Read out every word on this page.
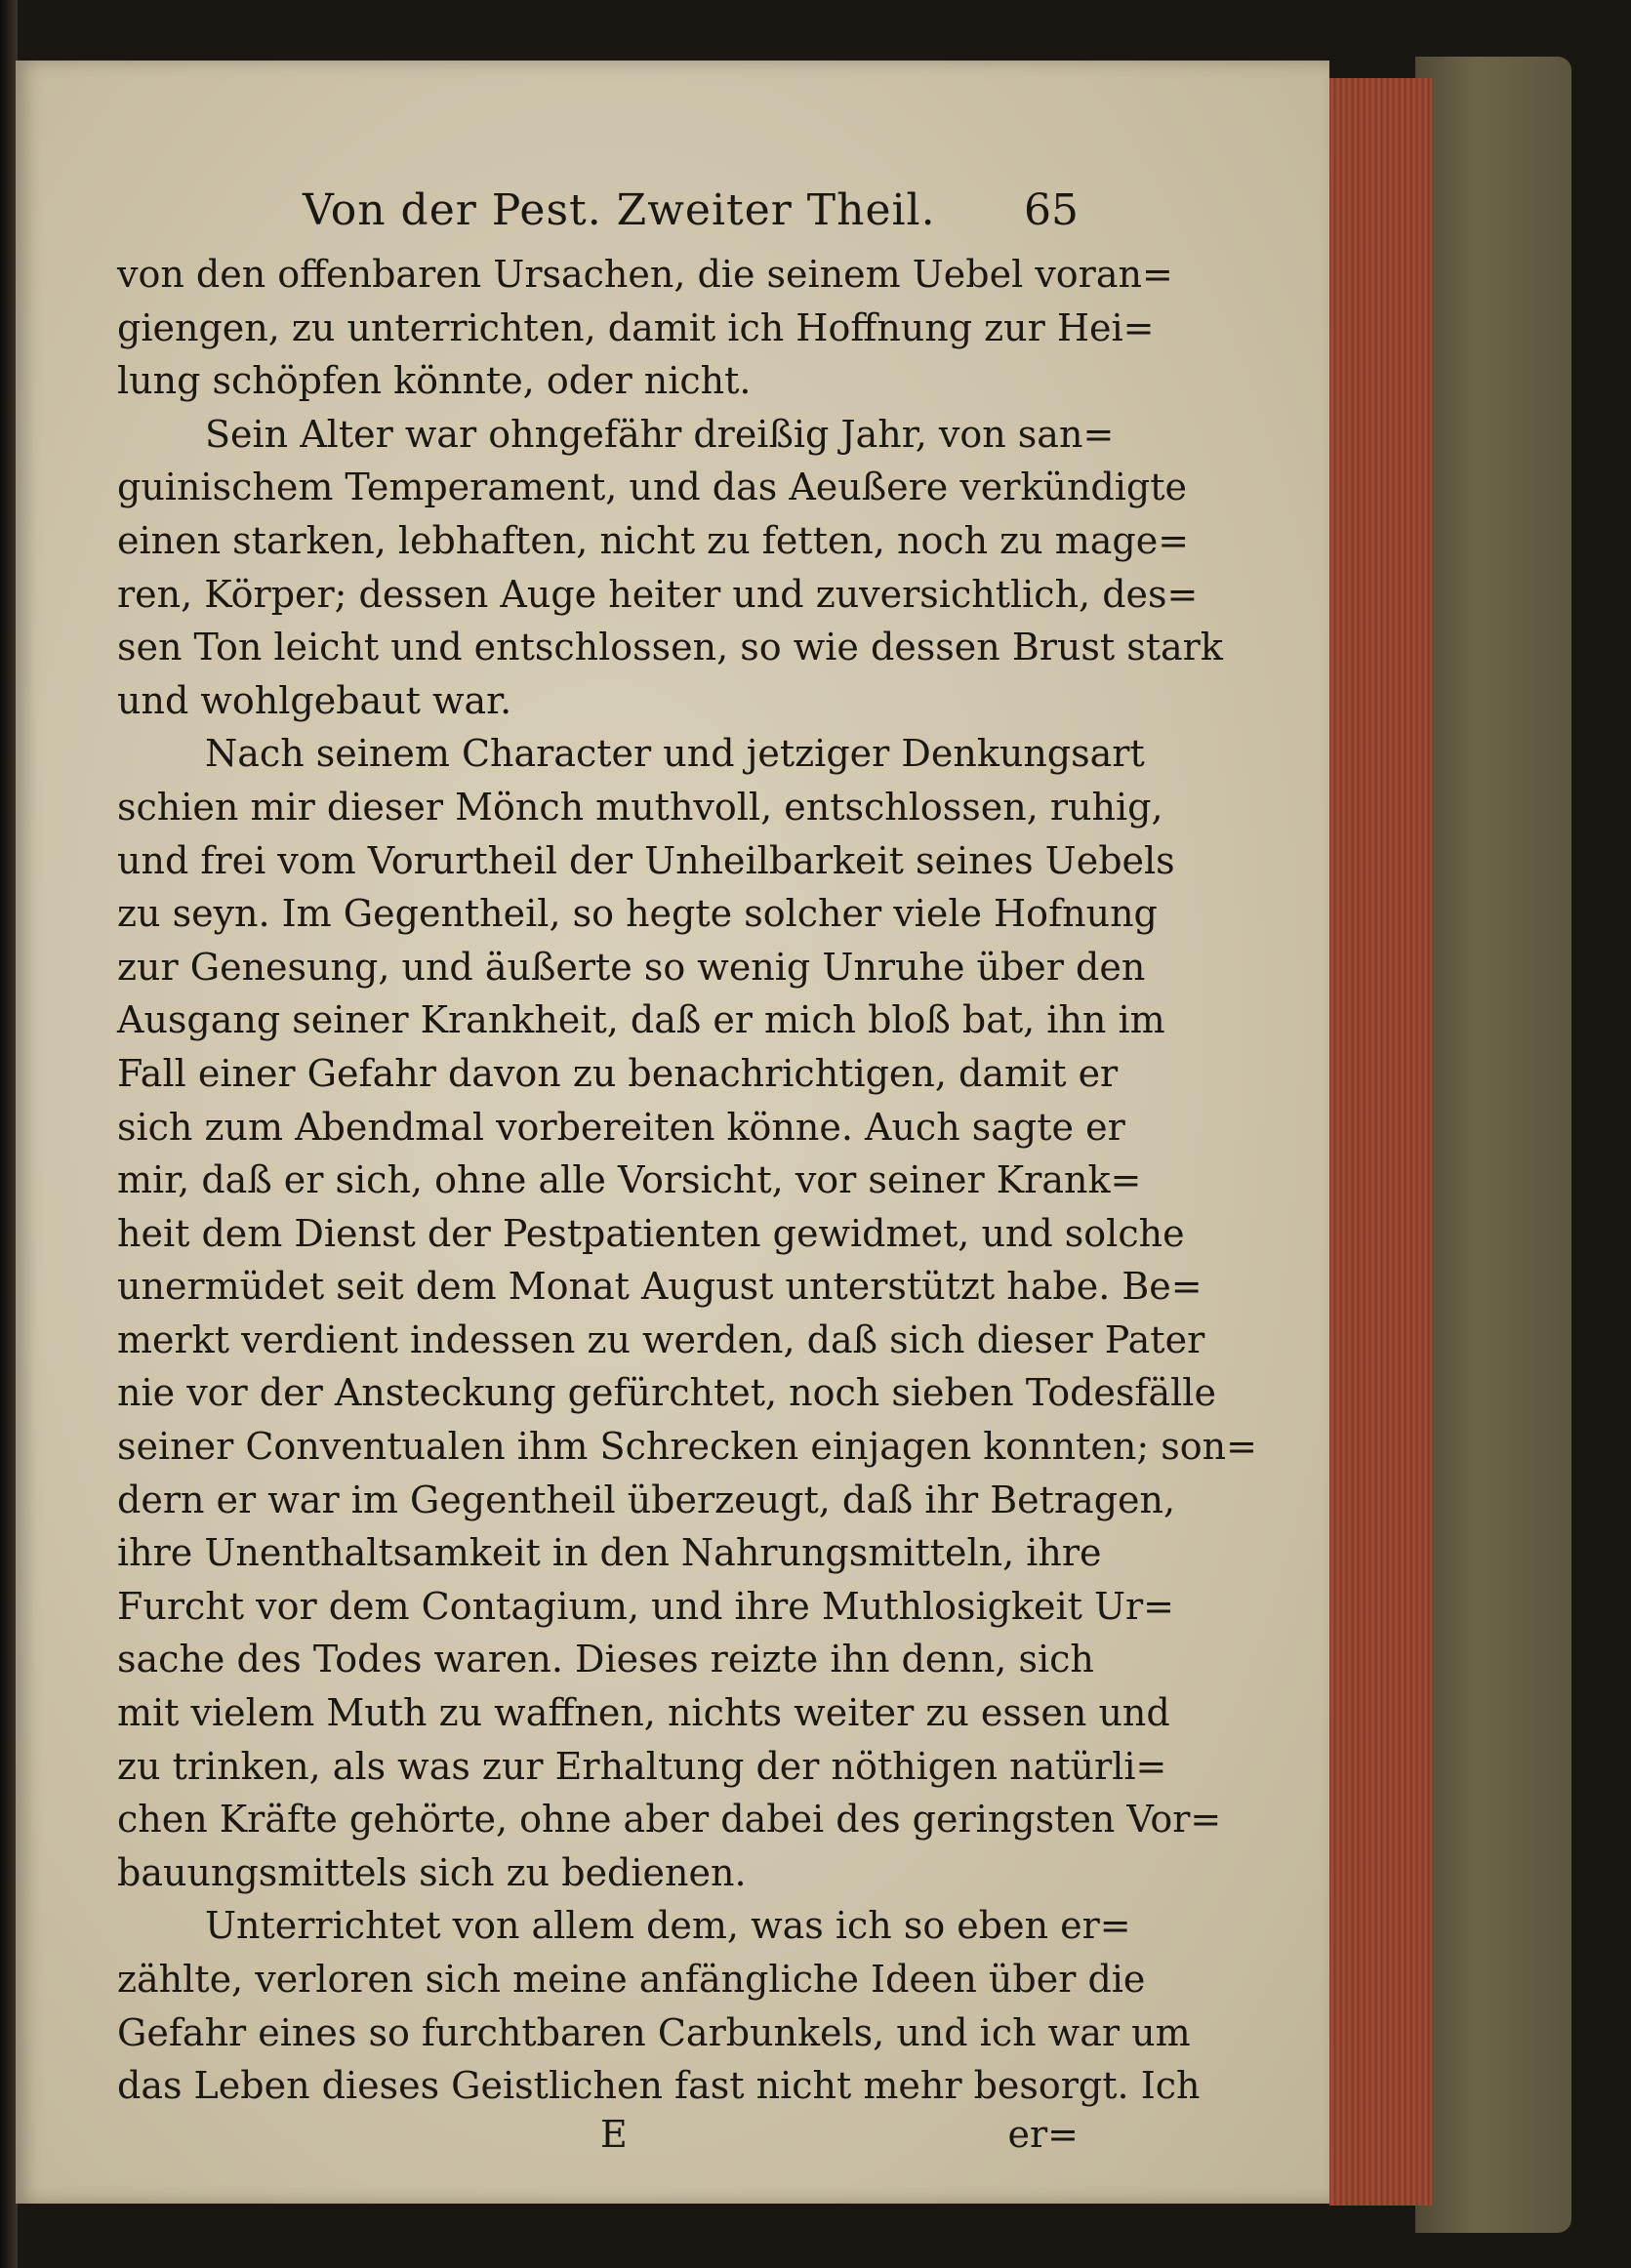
Von der Pest. Zweiter Theil. 65
von den offenbaren Ursachen, die seinem Uebel voran=
giengen, zu unterrichten, damit ich Hoffnung zur Hei=
lung schöpfen könnte, oder nicht.
Sein Alter war ohngefähr dreißig Jahr, von san=
guinischem Temperament, und das Aeußere verkündigte
einen starken, lebhaften, nicht zu fetten, noch zu mage=
ren, Körper; dessen Auge heiter und zuversichtlich, des=
sen Ton leicht und entschlossen, so wie dessen Brust stark
und wohlgebaut war.
Nach seinem Character und jetziger Denkungsart
schien mir dieser Mönch muthvoll, entschlossen, ruhig,
und frei vom Vorurtheil der Unheilbarkeit seines Uebels
zu seyn. Im Gegentheil, so hegte solcher viele Hofnung
zur Genesung, und äußerte so wenig Unruhe über den
Ausgang seiner Krankheit, daß er mich bloß bat, ihn im
Fall einer Gefahr davon zu benachrichtigen, damit er
sich zum Abendmal vorbereiten könne. Auch sagte er
mir, daß er sich, ohne alle Vorsicht, vor seiner Krank=
heit dem Dienst der Pestpatienten gewidmet, und solche
unermüdet seit dem Monat August unterstützt habe. Be=
merkt verdient indessen zu werden, daß sich dieser Pater
nie vor der Ansteckung gefürchtet, noch sieben Todesfälle
seiner Conventualen ihm Schrecken einjagen konnten; son=
dern er war im Gegentheil überzeugt, daß ihr Betragen,
ihre Unenthaltsamkeit in den Nahrungsmitteln, ihre
Furcht vor dem Contagium, und ihre Muthlosigkeit Ur=
sache des Todes waren. Dieses reizte ihn denn, sich
mit vielem Muth zu waffnen, nichts weiter zu essen und
zu trinken, als was zur Erhaltung der nöthigen natürli=
chen Kräfte gehörte, ohne aber dabei des geringsten Vor=
bauungsmittels sich zu bedienen.
Unterrichtet von allem dem, was ich so eben er=
zählte, verloren sich meine anfängliche Ideen über die
Gefahr eines so furchtbaren Carbunkels, und ich war um
das Leben dieses Geistlichen fast nicht mehr besorgt. Ich
E	er=
